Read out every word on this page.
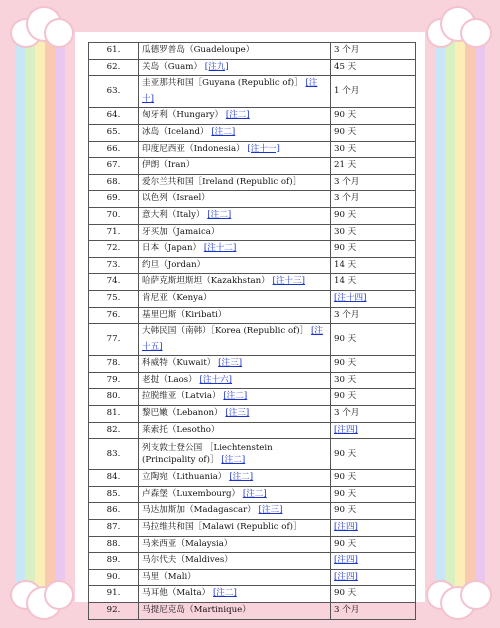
61.	瓜德罗普岛（Guadeloupe）	3 个月
62.	关岛（Guam） [注九]	45 天
63.	圭亚那共和国［Guyana (Republic of)］ [注十]	1 个月
64.	匈牙利（Hungary） [注二]	90 天
65.	冰岛（Iceland） [注二]	90 天
66.	印度尼西亚（Indonesia） [注十一]	30 天
67.	伊朗（Iran）	21 天
68.	爱尔兰共和国［Ireland (Republic of)］	3 个月
69.	以色列（Israel）	3 个月
70.	意大利（Italy） [注二]	90 天
71.	牙买加（Jamaica）	30 天
72.	日本（Japan） [注十二]	90 天
73.	约旦（Jordan）	14 天
74.	哈萨克斯坦斯坦（Kazakhstan） [注十三]	14 天
75.	肯尼亚（Kenya）	[注十四]
76.	基里巴斯（Kiribati）	3 个月
77.	大韩民国（南韩）［Korea (Republic of)］ [注十五]	90 天
78.	科威特（Kuwait） [注三]	90 天
79.	老挝（Laos） [注十六]	30 天
80.	拉脱维亚（Latvia） [注二]	90 天
81.	黎巴嫩（Lebanon） [注三]	3 个月
82.	莱索托（Lesotho）	[注四]
83.	列支敦士登公国 ［Liechtenstein (Principality of)］ [注二]	90 天
84.	立陶宛（Lithuania） [注二]	90 天
85.	卢森堡（Luxembourg） [注二]	90 天
86.	马达加斯加（Madagascar） [注三]	90 天
87.	马拉维共和国［Malawi (Republic of)］	[注四]
88.	马来西亚（Malaysia）	90 天
89.	马尔代夫（Maldives）	[注四]
90.	马里（Mali）	[注四]
91.	马耳他（Malta） [注二]	90 天
92.	马提尼克岛（Martinique）	3 个月
